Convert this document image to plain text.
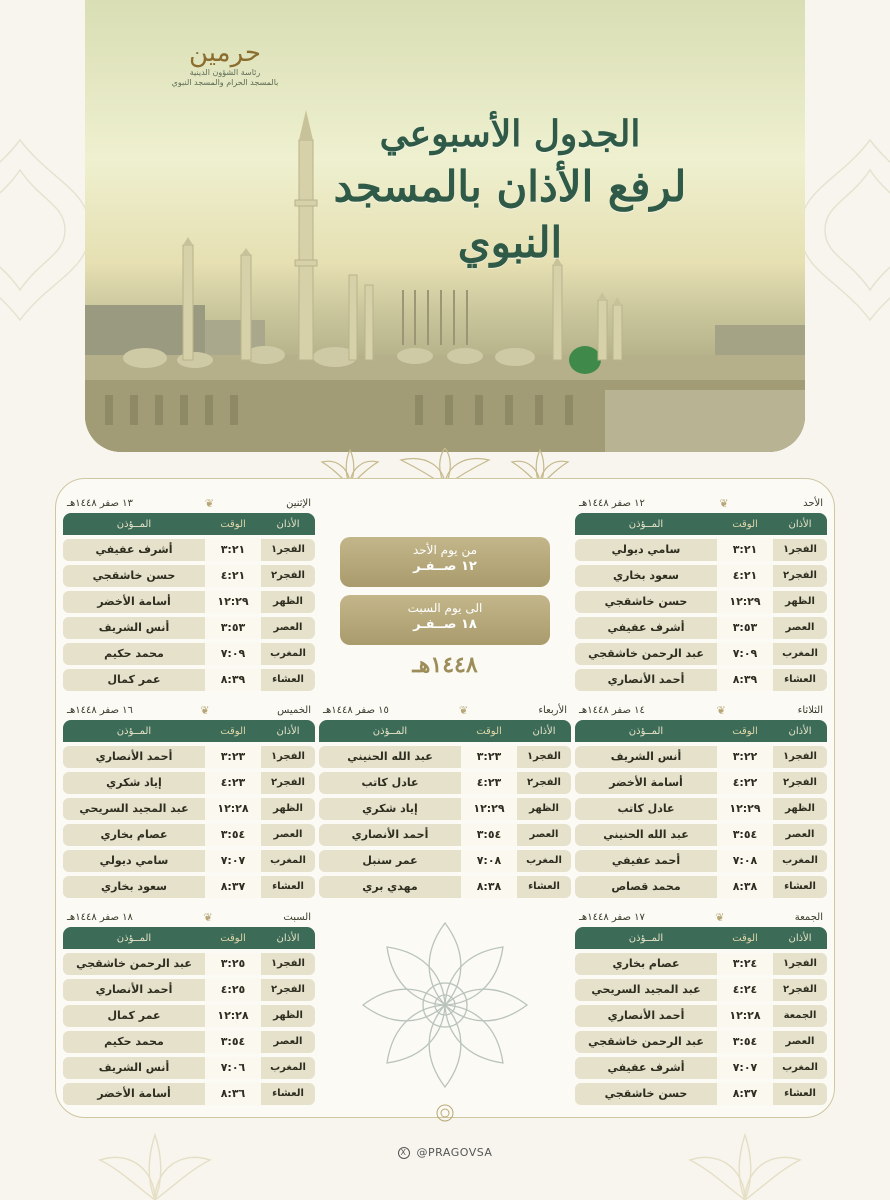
حرمين
رئاسة الشؤون الدينية
بالمسجد الحرام والمسجد النبوي
الجدول الأسبوعي
لرفع الأذان بالمسجد النبوي
من يوم الأحد
١٢ صــفـر
الى يوم السبت
١٨ صــفـر
١٤٤٨هـ
الأحد
❦
١٢ صفر ١٤٤٨هـ
الأذان
الوقت
المــؤذن
الفجر١
٣:٢١
سامي ديولي
الفجر٢
٤:٢١
سعود بخاري
الظهر
١٢:٢٩
حسن خاشقجي
العصر
٣:٥٣
أشرف عفيفي
المغرب
٧:٠٩
عبد الرحمن خاشقجي
العشاء
٨:٣٩
أحمد الأنصاري
الإثنين
❦
١٣ صفر ١٤٤٨هـ
الأذان
الوقت
المــؤذن
الفجر١
٣:٢١
أشرف عفيفي
الفجر٢
٤:٢١
حسن خاشقجي
الظهر
١٢:٢٩
أسامة الأخضر
العصر
٣:٥٣
أنس الشريف
المغرب
٧:٠٩
محمد حكيم
العشاء
٨:٣٩
عمر كمال
الثلاثاء
❦
١٤ صفر ١٤٤٨هـ
الأذان
الوقت
المــؤذن
الفجر١
٣:٢٢
أنس الشريف
الفجر٢
٤:٢٢
أسامة الأخضر
الظهر
١٢:٢٩
عادل كاتب
العصر
٣:٥٤
عبد الله الحنيني
المغرب
٧:٠٨
أحمد عفيفي
العشاء
٨:٣٨
محمد قصاص
الأربعاء
❦
١٥ صفر ١٤٤٨هـ
الأذان
الوقت
المــؤذن
الفجر١
٣:٢٣
عبد الله الحنيني
الفجر٢
٤:٢٣
عادل كاتب
الظهر
١٢:٢٩
إياد شكري
العصر
٣:٥٤
أحمد الأنصاري
المغرب
٧:٠٨
عمر سنبل
العشاء
٨:٣٨
مهدي بري
الخميس
❦
١٦ صفر ١٤٤٨هـ
الأذان
الوقت
المــؤذن
الفجر١
٣:٢٣
أحمد الأنصاري
الفجر٢
٤:٢٣
إياد شكري
الظهر
١٢:٢٨
عبد المجيد السريحي
العصر
٣:٥٤
عصام بخاري
المغرب
٧:٠٧
سامي ديولي
العشاء
٨:٣٧
سعود بخاري
الجمعة
❦
١٧ صفر ١٤٤٨هـ
الأذان
الوقت
المــؤذن
الفجر١
٣:٢٤
عصام بخاري
الفجر٢
٤:٢٤
عبد المجيد السريحي
الجمعة
١٢:٢٨
أحمد الأنصاري
العصر
٣:٥٤
عبد الرحمن خاشقجي
المغرب
٧:٠٧
أشرف عفيفي
العشاء
٨:٣٧
حسن خاشقجي
السبت
❦
١٨ صفر ١٤٤٨هـ
الأذان
الوقت
المــؤذن
الفجر١
٣:٢٥
عبد الرحمن خاشقجي
الفجر٢
٤:٢٥
أحمد الأنصاري
الظهر
١٢:٢٨
عمر كمال
العصر
٣:٥٤
محمد حكيم
المغرب
٧:٠٦
أنس الشريف
العشاء
٨:٣٦
أسامة الأخضر
X @PRAGOVSA
